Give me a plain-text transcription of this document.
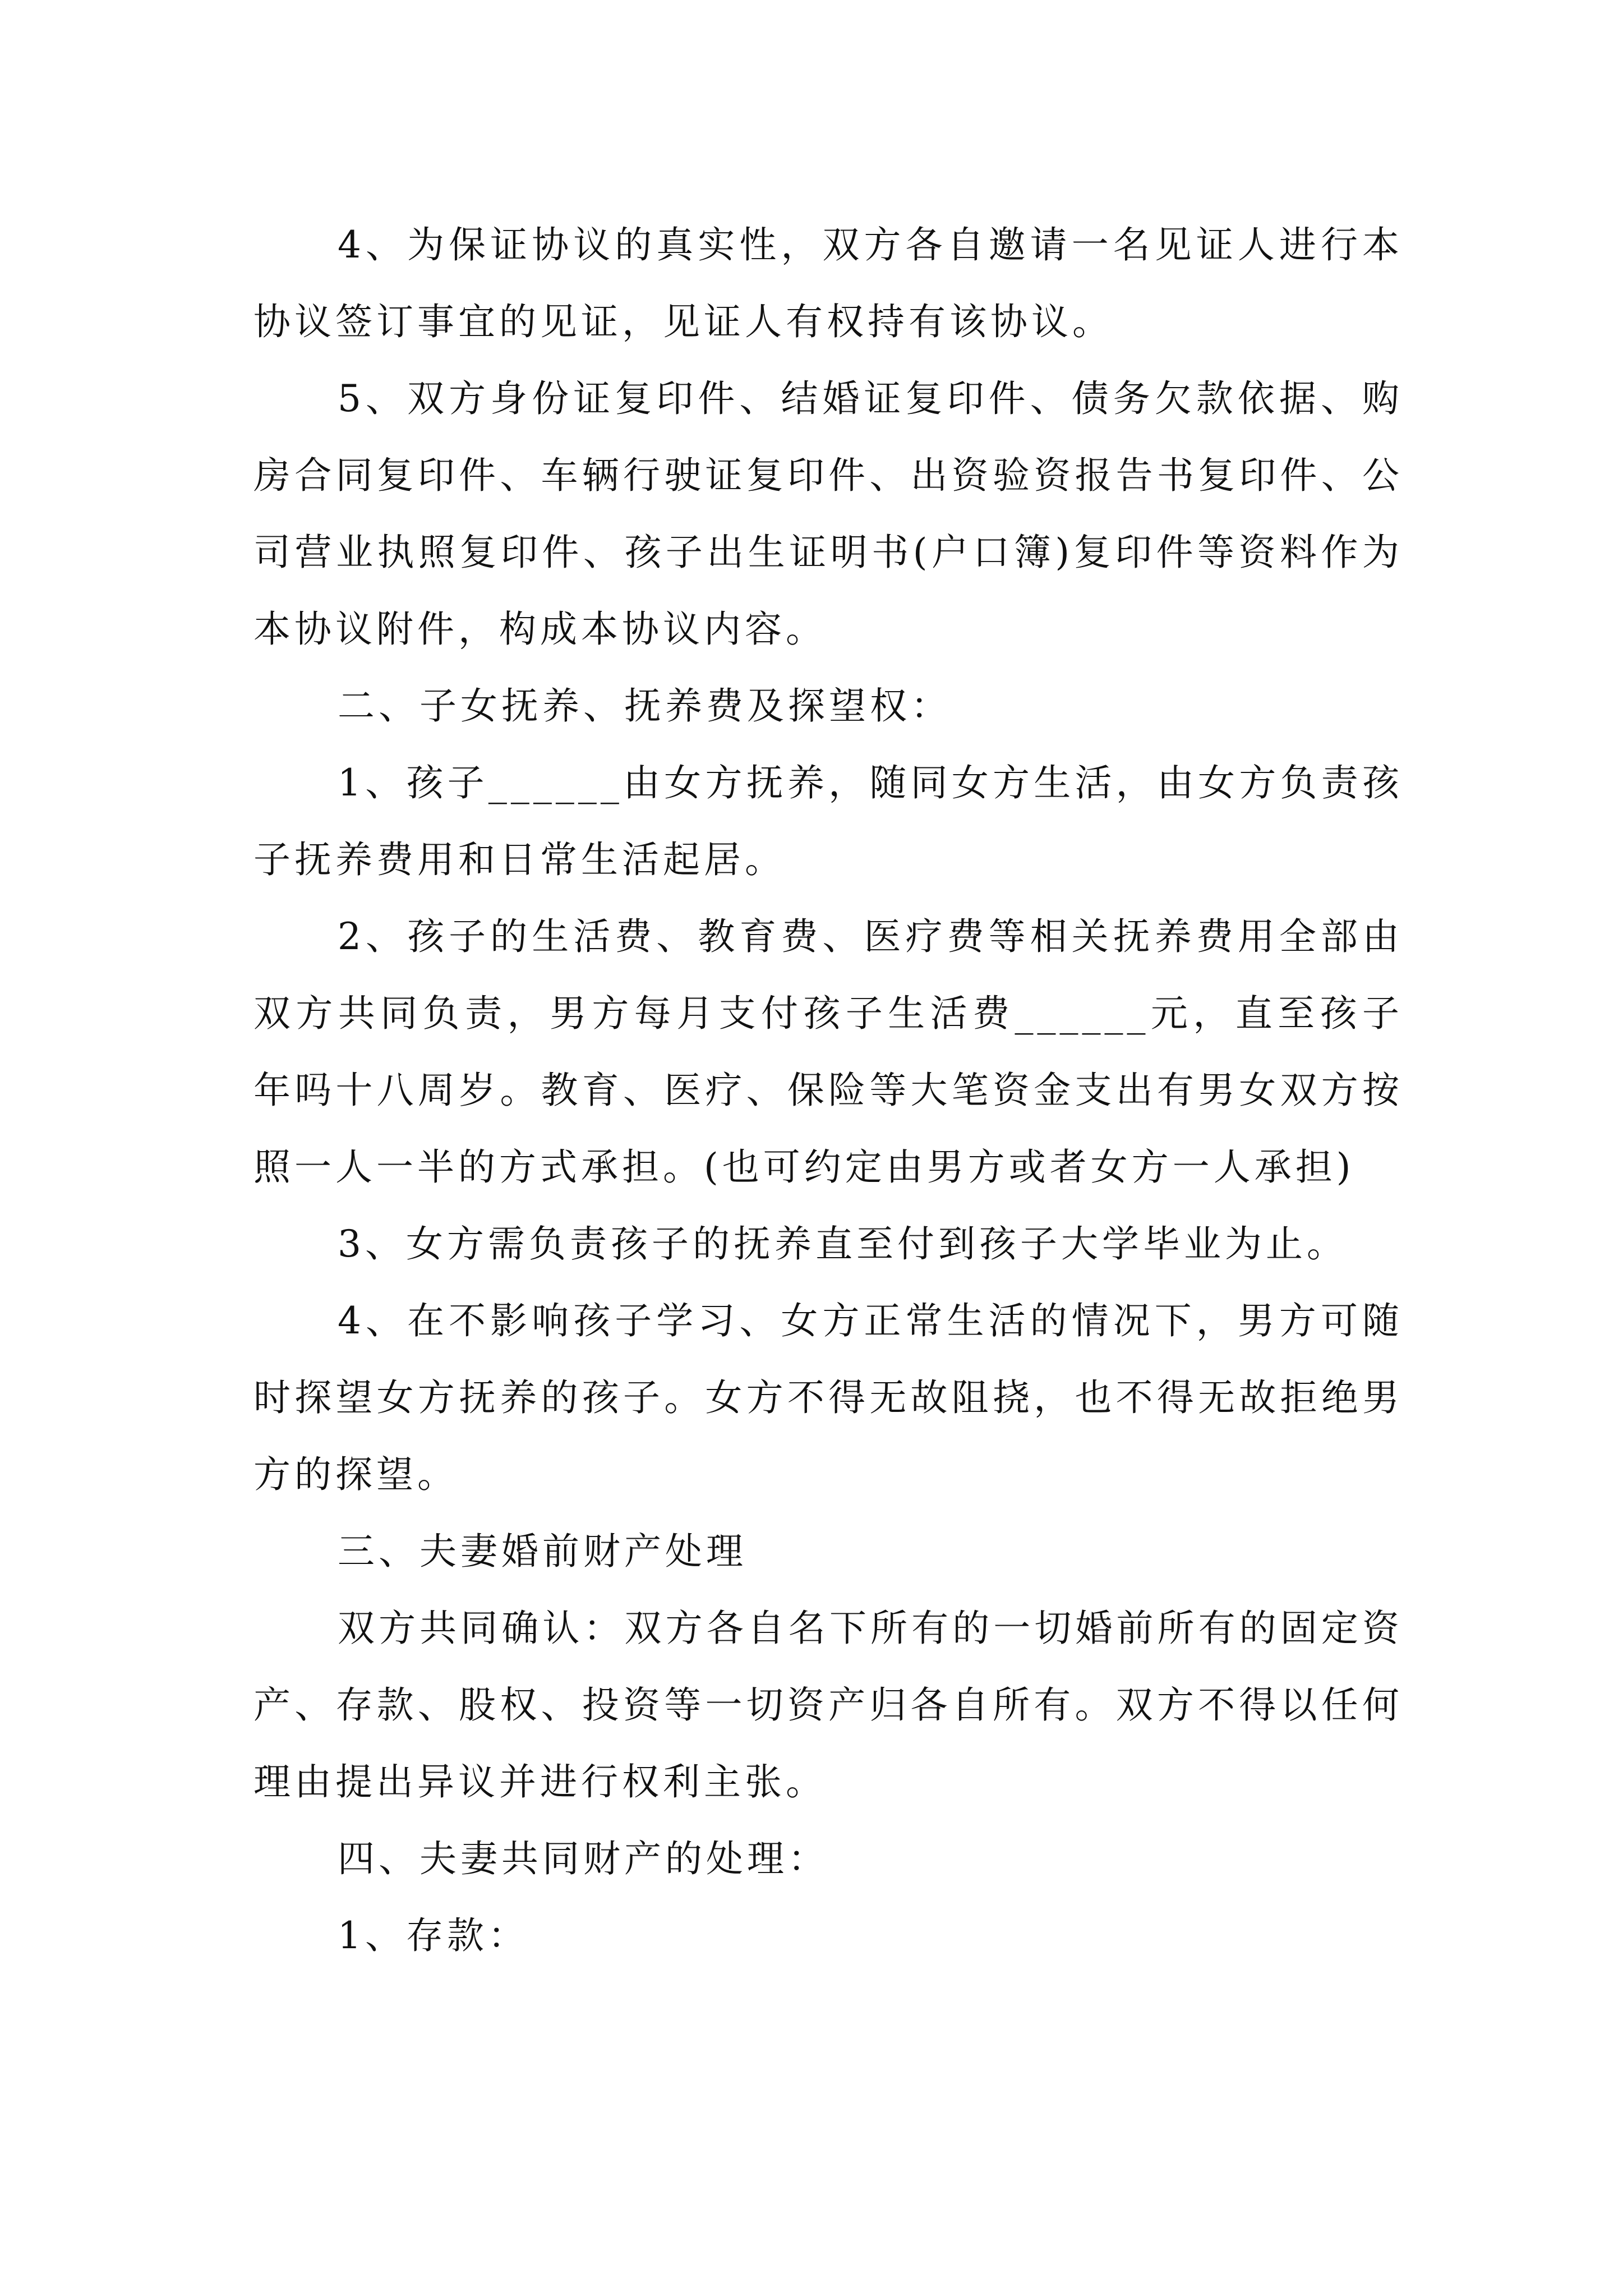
4、为保证协议的真实性，双方各自邀请一名见证人进行本协议签订事宜的见证，见证人有权持有该协议。

5、双方身份证复印件、结婚证复印件、债务欠款依据、购房合同复印件、车辆行驶证复印件、出资验资报告书复印件、公司营业执照复印件、孩子出生证明书(户口簿)复印件等资料作为本协议附件，构成本协议内容。

二、子女抚养、抚养费及探望权：

1、孩子______由女方抚养，随同女方生活，由女方负责孩子抚养费用和日常生活起居。

2、孩子的生活费、教育费、医疗费等相关抚养费用全部由双方共同负责，男方每月支付孩子生活费______元，直至孩子年吗十八周岁。教育、医疗、保险等大笔资金支出有男女双方按照一人一半的方式承担。(也可约定由男方或者女方一人承担)

3、女方需负责孩子的抚养直至付到孩子大学毕业为止。

4、在不影响孩子学习、女方正常生活的情况下，男方可随时探望女方抚养的孩子。女方不得无故阻挠，也不得无故拒绝男方的探望。

三、夫妻婚前财产处理

双方共同确认：双方各自名下所有的一切婚前所有的固定资产、存款、股权、投资等一切资产归各自所有。双方不得以任何理由提出异议并进行权利主张。

四、夫妻共同财产的处理：

1、存款：
